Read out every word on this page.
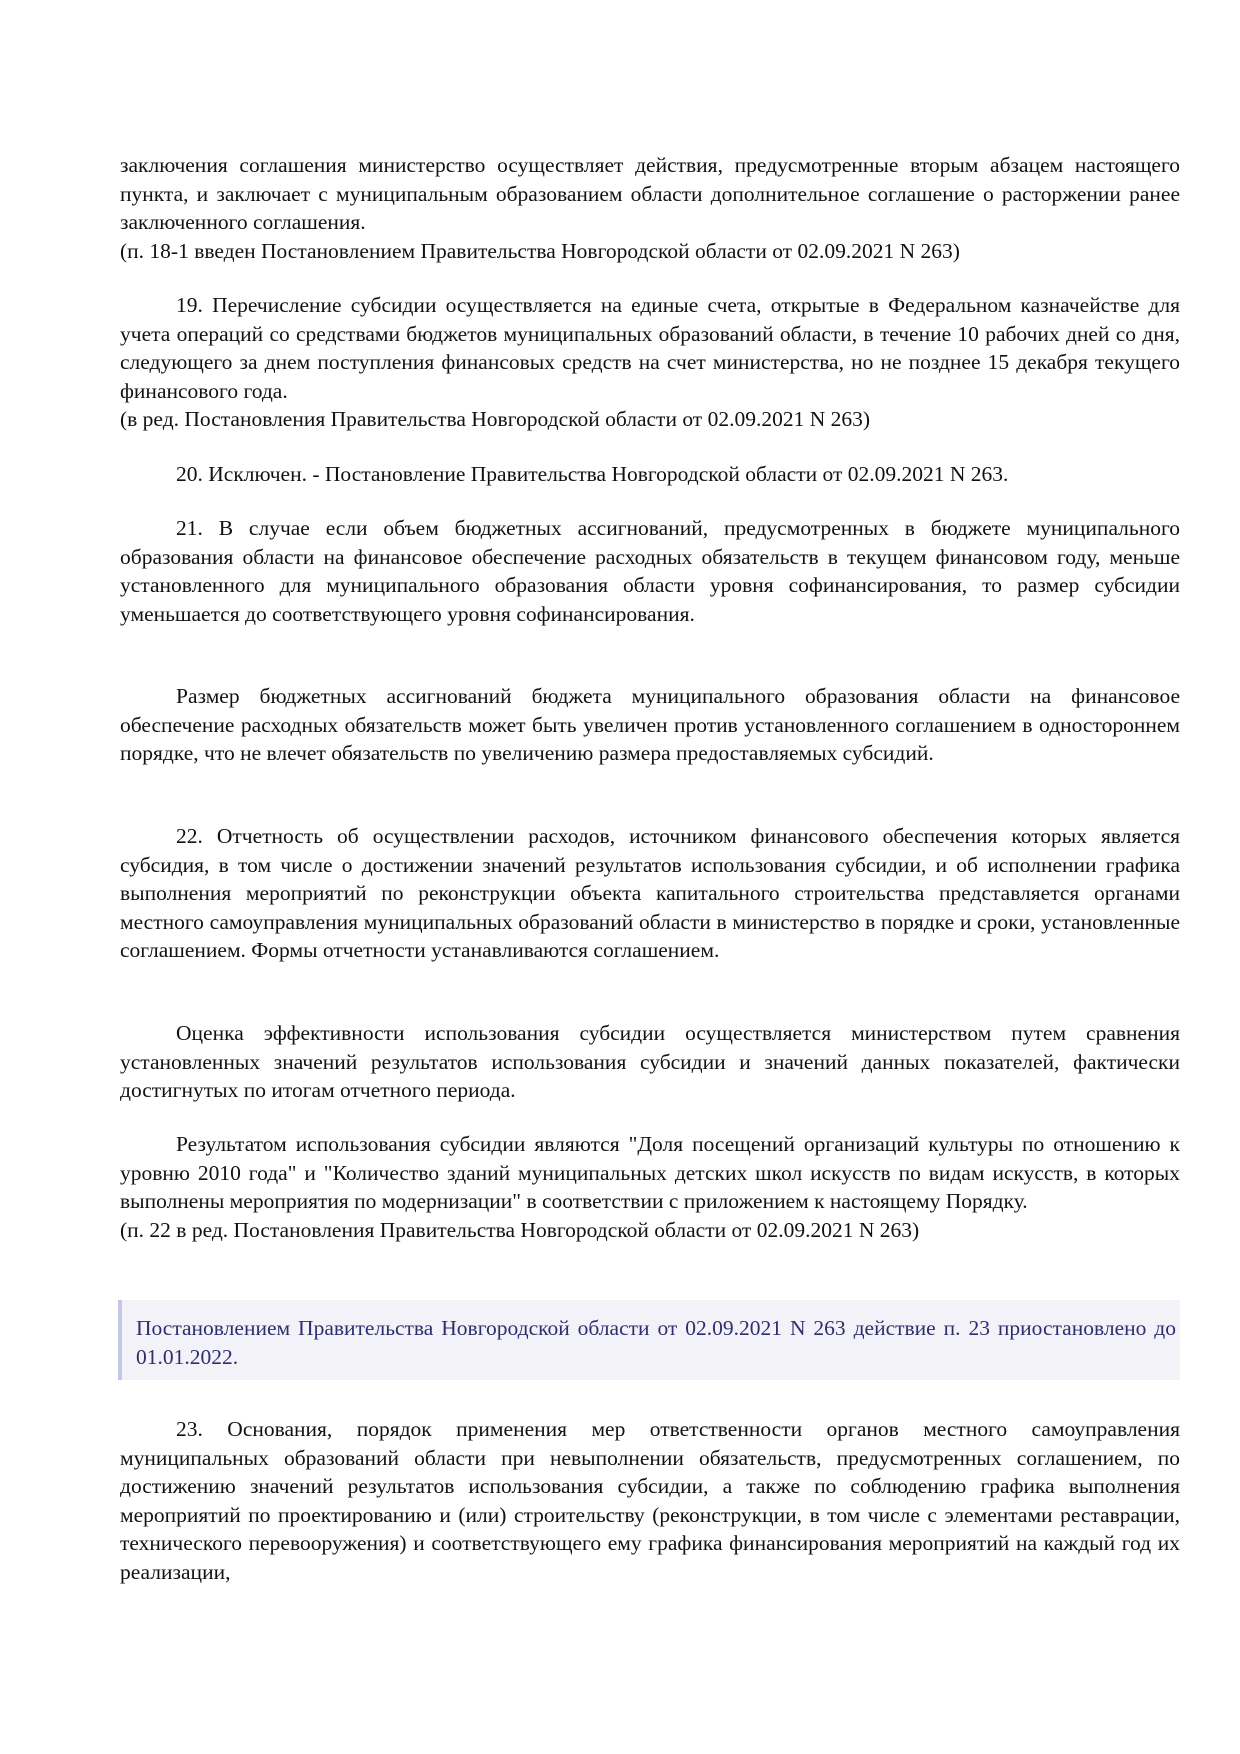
заключения соглашения министерство осуществляет действия, предусмотренные вторым абзацем настоящего пункта, и заключает с муниципальным образованием области дополнительное соглашение о расторжении ранее заключенного соглашения.

(п. 18-1 введен Постановлением Правительства Новгородской области от 02.09.2021 N 263)

19. Перечисление субсидии осуществляется на единые счета, открытые в Федеральном казначействе для учета операций со средствами бюджетов муниципальных образований области, в течение 10 рабочих дней со дня, следующего за днем поступления финансовых средств на счет министерства, но не позднее 15 декабря текущего финансового года.

(в ред. Постановления Правительства Новгородской области от 02.09.2021 N 263)

20. Исключен. - Постановление Правительства Новгородской области от 02.09.2021 N 263.

21. В случае если объем бюджетных ассигнований, предусмотренных в бюджете муниципального образования области на финансовое обеспечение расходных обязательств в текущем финансовом году, меньше установленного для муниципального образования области уровня софинансирования, то размер субсидии уменьшается до соответствующего уровня софинансирования.

Размер бюджетных ассигнований бюджета муниципального образования области на финансовое обеспечение расходных обязательств может быть увеличен против установленного соглашением в одностороннем порядке, что не влечет обязательств по увеличению размера предоставляемых субсидий.

22. Отчетность об осуществлении расходов, источником финансового обеспечения которых является субсидия, в том числе о достижении значений результатов использования субсидии, и об исполнении графика выполнения мероприятий по реконструкции объекта капитального строительства представляется органами местного самоуправления муниципальных образований области в министерство в порядке и сроки, установленные соглашением. Формы отчетности устанавливаются соглашением.

Оценка эффективности использования субсидии осуществляется министерством путем сравнения установленных значений результатов использования субсидии и значений данных показателей, фактически достигнутых по итогам отчетного периода.

Результатом использования субсидии являются "Доля посещений организаций культуры по отношению к уровню 2010 года" и "Количество зданий муниципальных детских школ искусств по видам искусств, в которых выполнены мероприятия по модернизации" в соответствии с приложением к настоящему Порядку.

(п. 22 в ред. Постановления Правительства Новгородской области от 02.09.2021 N 263)

Постановлением Правительства Новгородской области от 02.09.2021 N 263 действие п. 23 приостановлено до 01.01.2022.

23. Основания, порядок применения мер ответственности органов местного самоуправления муниципальных образований области при невыполнении обязательств, предусмотренных соглашением, по достижению значений результатов использования субсидии, а также по соблюдению графика выполнения мероприятий по проектированию и (или) строительству (реконструкции, в том числе с элементами реставрации, технического перевооружения) и соответствующего ему графика финансирования мероприятий на каждый год их реализации,
